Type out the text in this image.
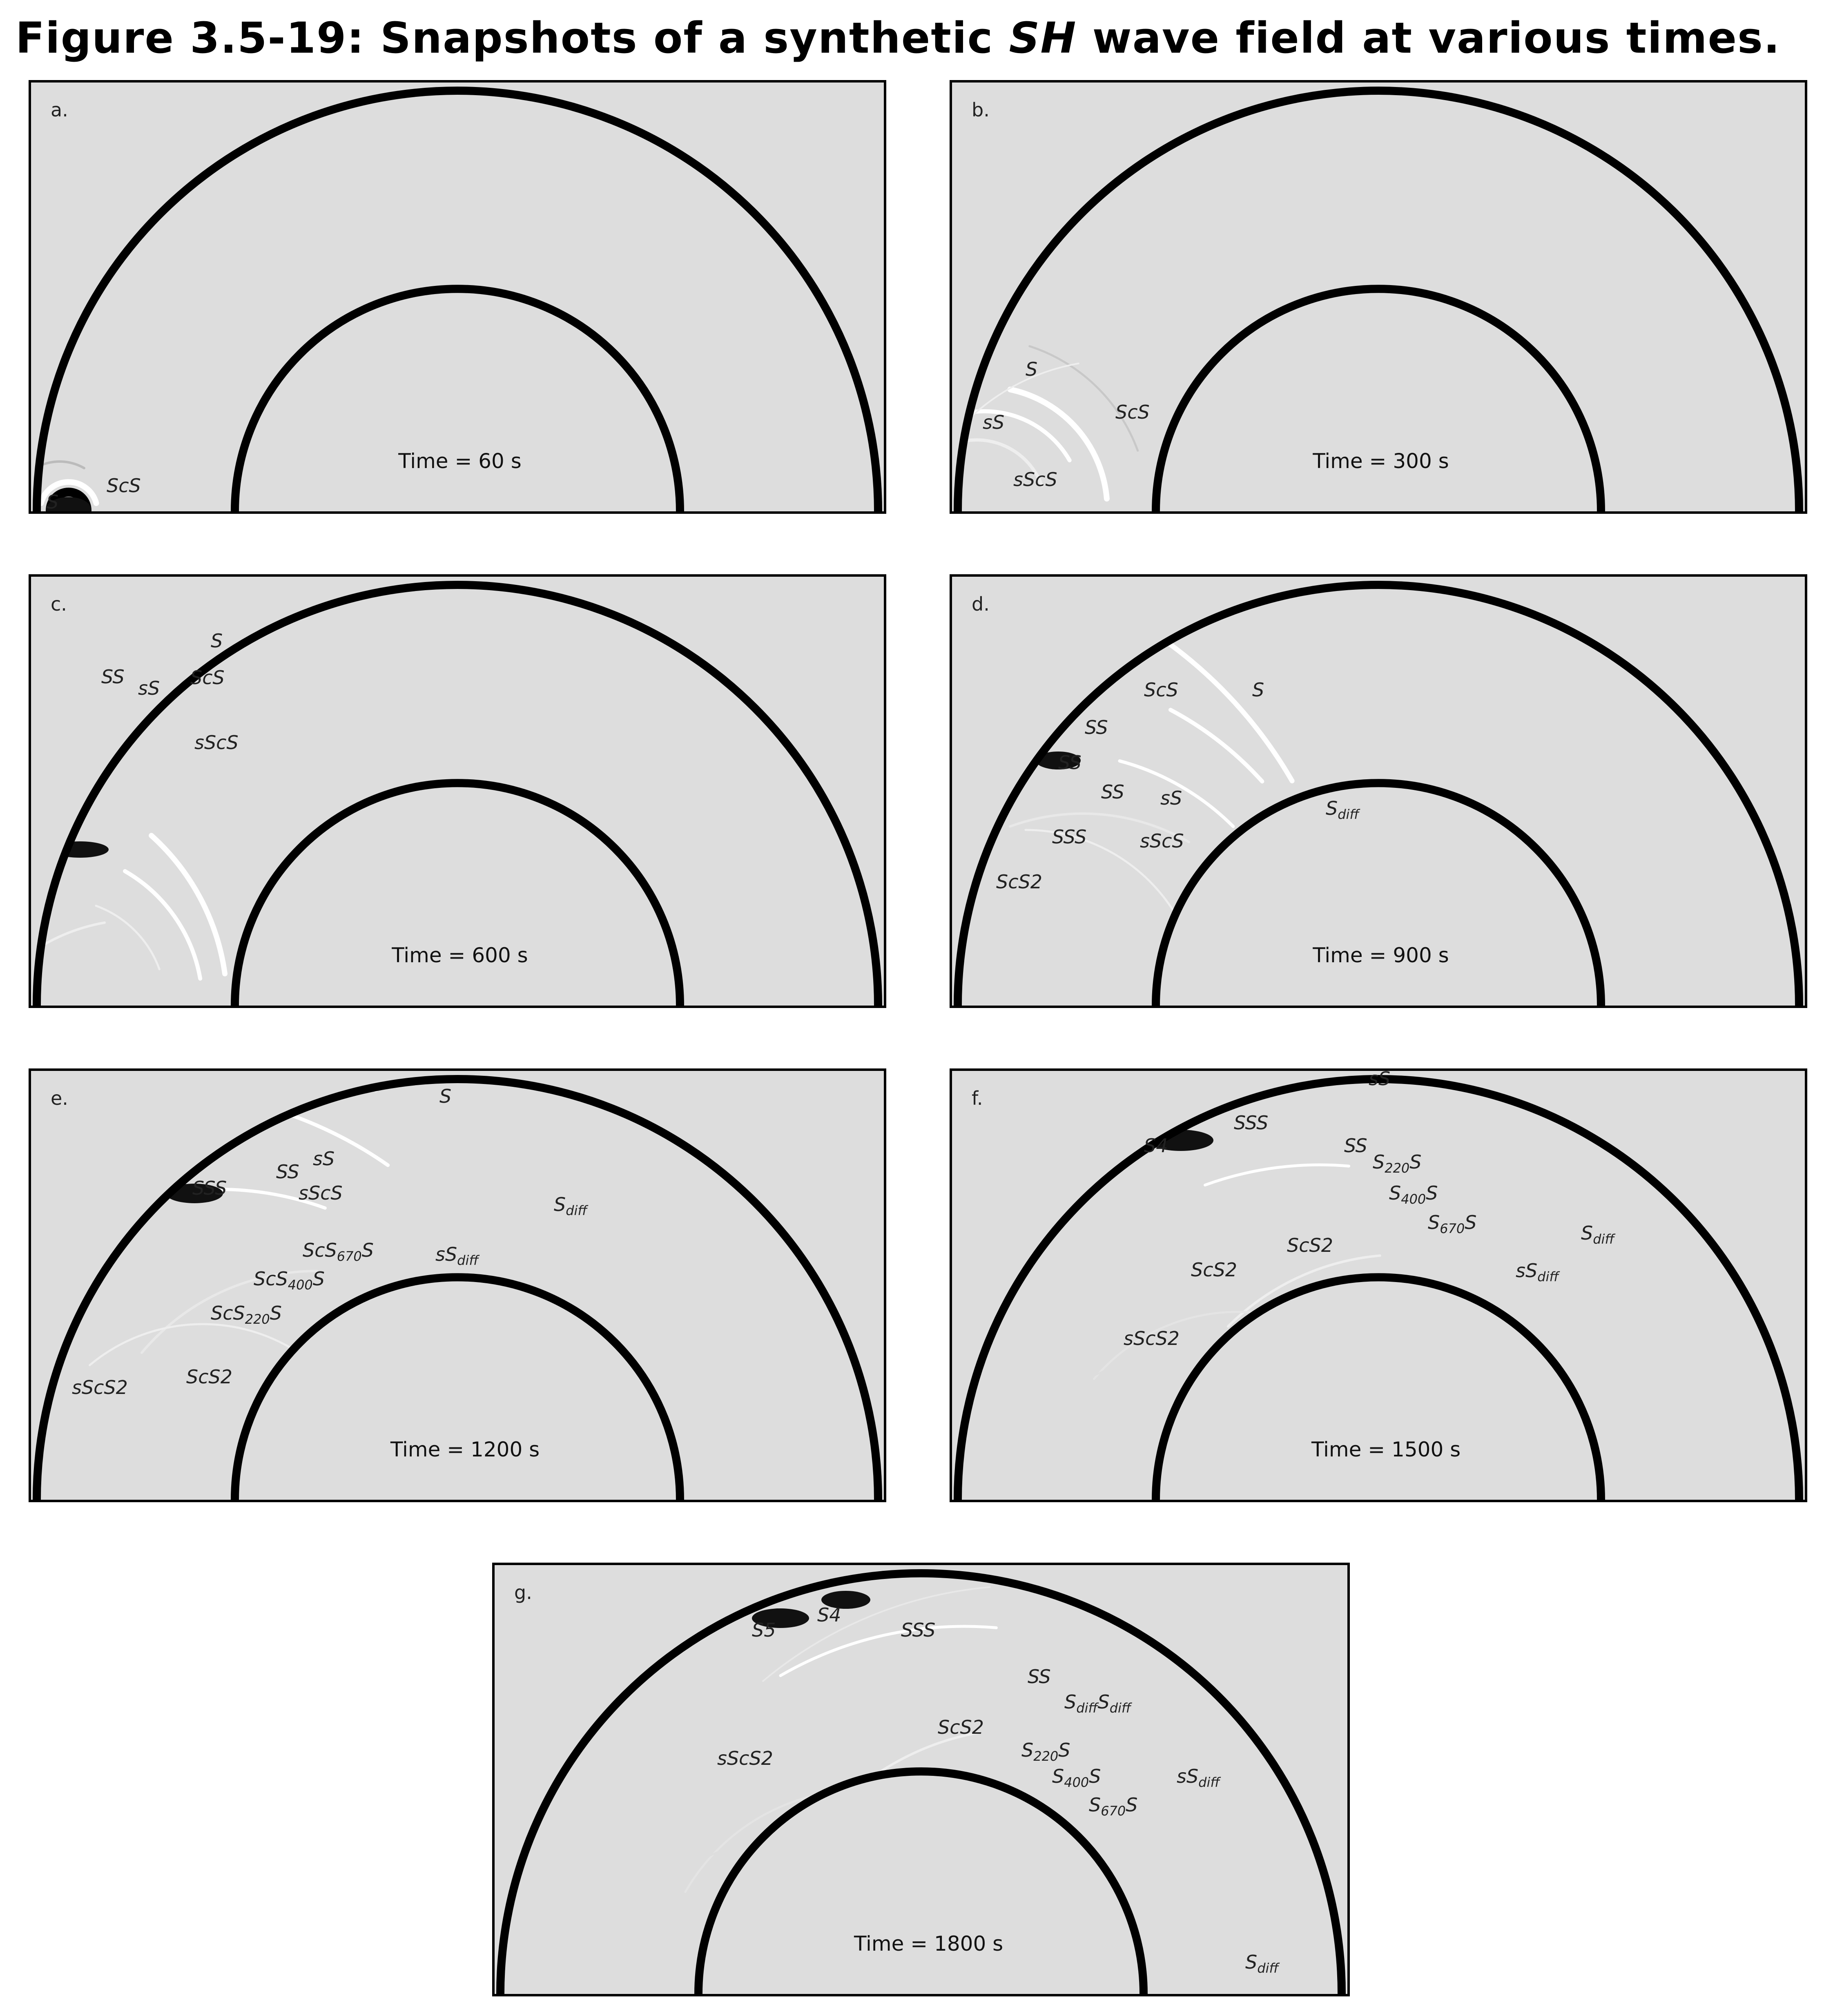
Figure 3.5-19: Snapshots of a synthetic SH wave field at various times.
a.
Time = 60 s
S
ScS
b.
Time = 300 s
S
ScS
sS
sScS
c.
Time = 600 s
S
SS
sS ScS
sScS
d.
Time = 900 s
ScS	S
SS
SS
SS sS	$S_{diff}$
SSS	sScS
ScS2
e.
Time = 1200 s
S
sS
SS
SSS	sScS
$S_{diff}$
ScS$_{670}$S	$sS_{diff}$
ScS$_{400}$S
ScS$_{220}$S
ScS2
sScS2
f.
Time = 1500 s
sS
SSS
S4	SS
$S_{220}S$
$S_{400}S$
$S_{670}S$	$S_{diff}$
ScS2
ScS2	$sS_{diff}$
sScS2
g.
Time = 1800 s
S4
S5	SSS
SS
$S_{diff}S_{diff}$
ScS2
sScS2	$S_{220}S$
$S_{400}S$
$S_{670}S$
$sS_{diff}$
$S_{diff}$
